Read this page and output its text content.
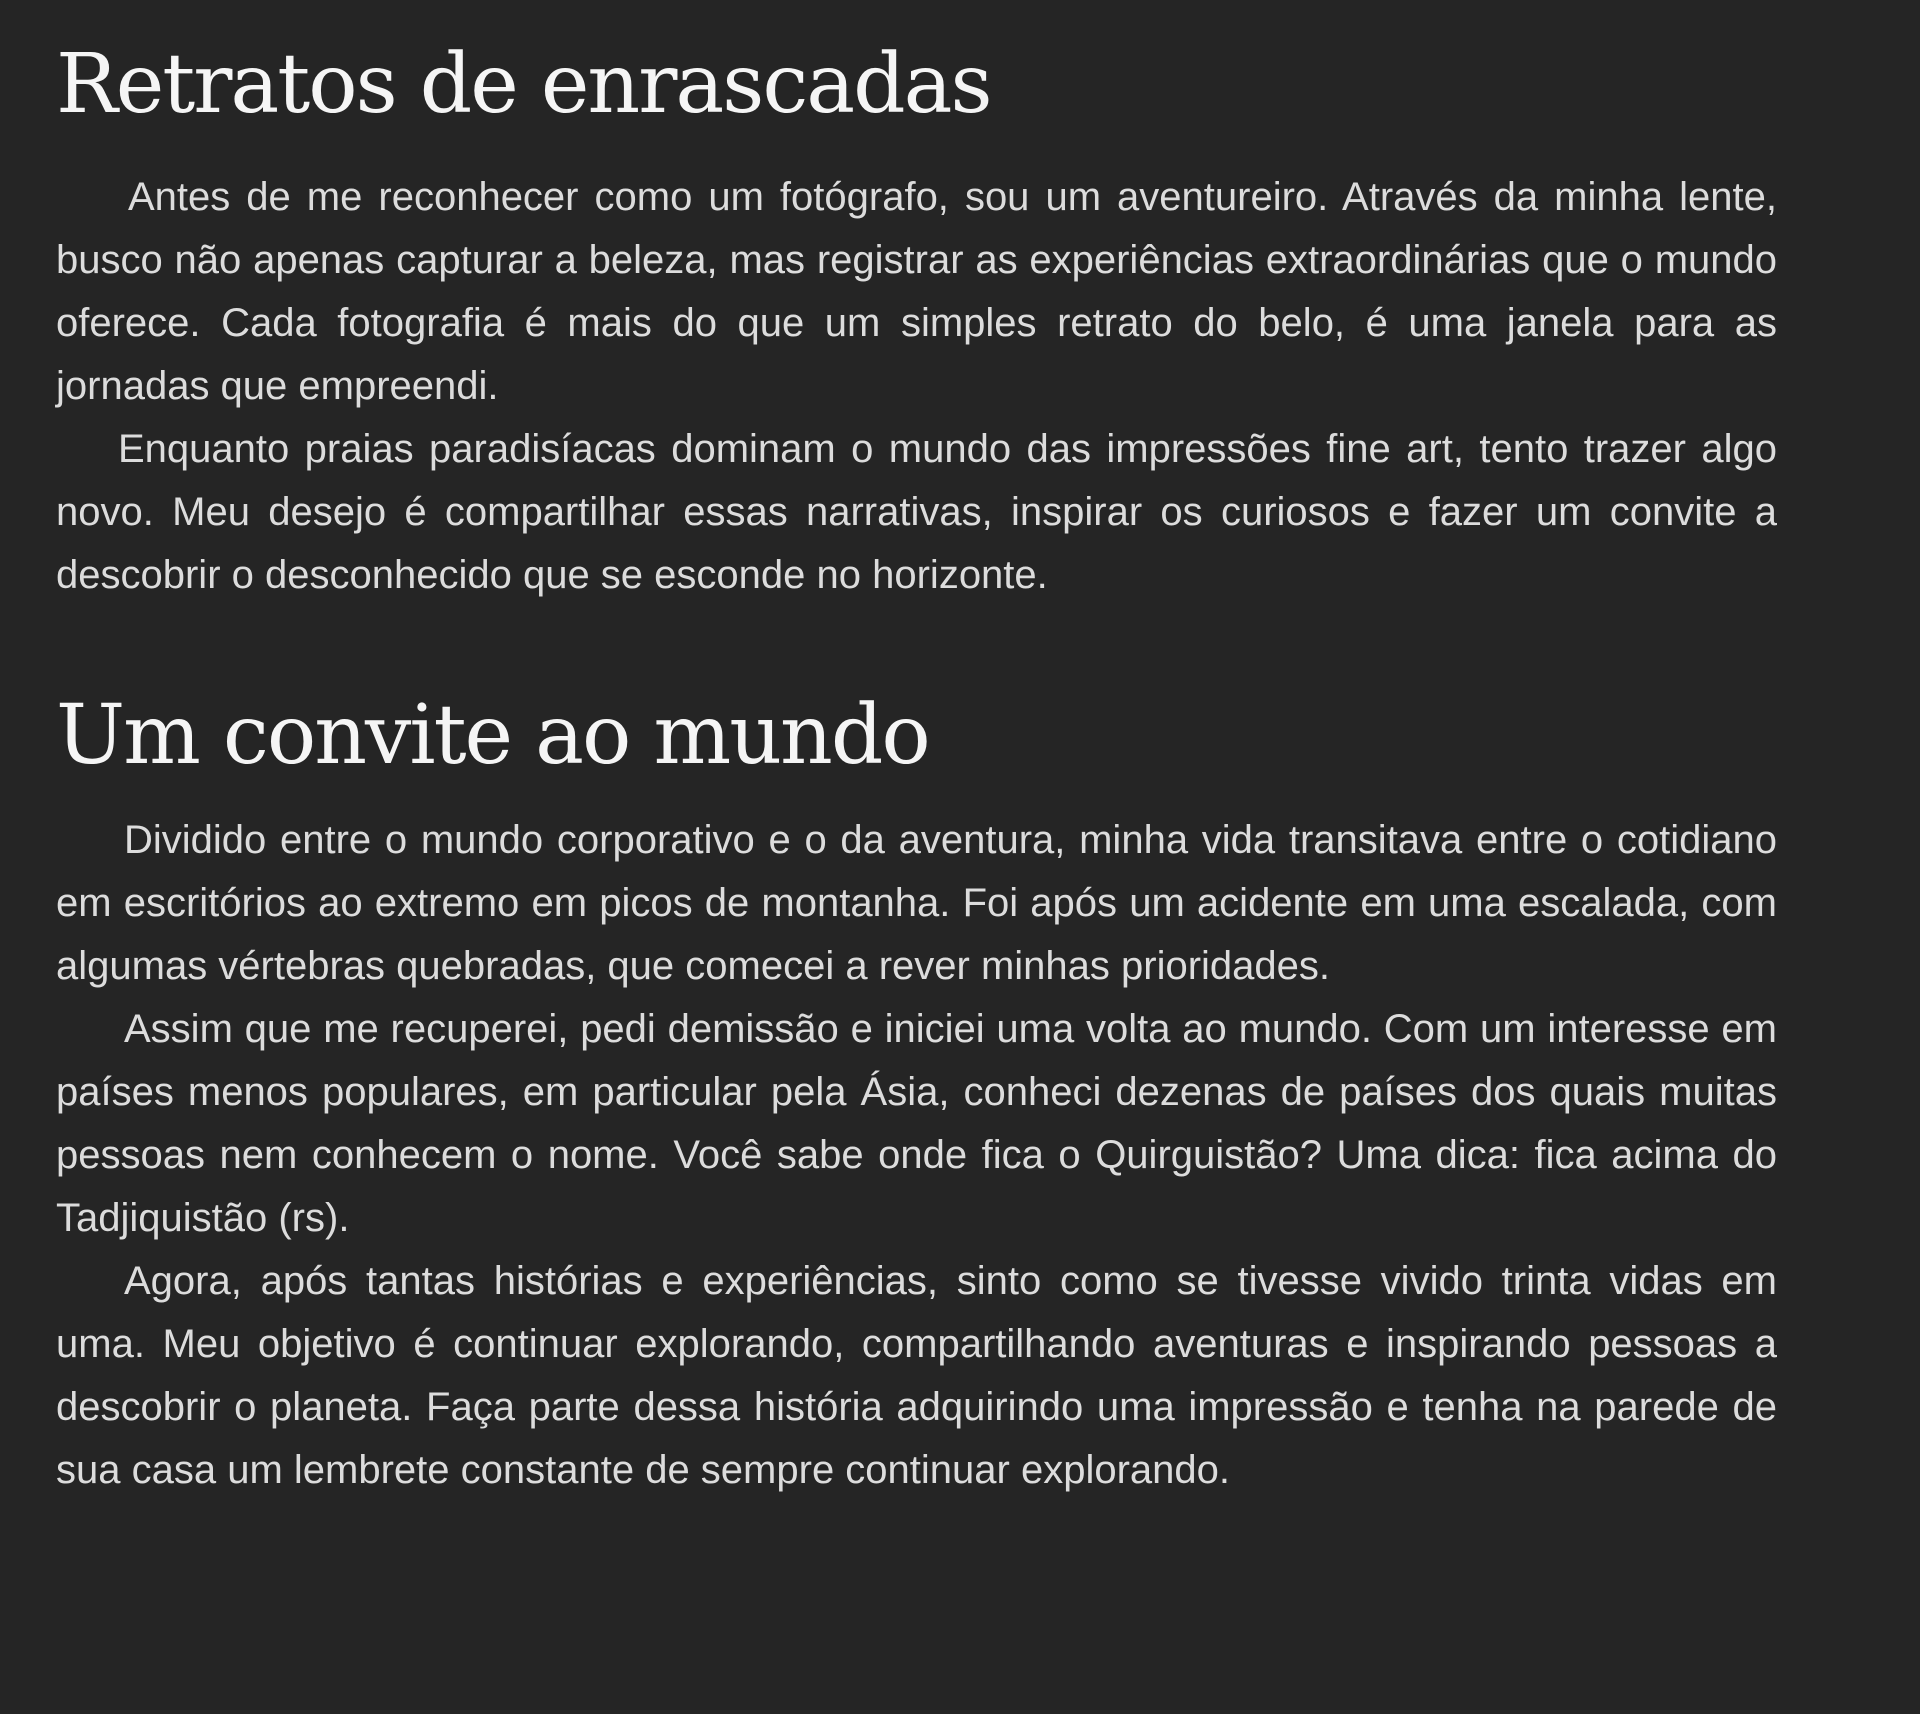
Retratos de enrascadas

Antes de me reconhecer como um fotógrafo, sou um aventureiro. Através da minha lente, busco não apenas capturar a beleza, mas registrar as experiências extraordinárias que o mundo oferece. Cada fotografia é mais do que um simples retrato do belo, é uma janela para as jornadas que empreendi.

Enquanto praias paradisíacas dominam o mundo das impressões fine art, tento trazer algo novo. Meu desejo é compartilhar essas narrativas, inspirar os curiosos e fazer um convite a descobrir o desconhecido que se esconde no horizonte.

Um convite ao mundo

Dividido entre o mundo corporativo e o da aventura, minha vida transitava entre o cotidiano em escritórios ao extremo em picos de montanha. Foi após um acidente em uma escalada, com algumas vértebras quebradas, que comecei a rever minhas prioridades.

Assim que me recuperei, pedi demissão e iniciei uma volta ao mundo. Com um interesse em países menos populares, em particular pela Ásia, conheci dezenas de países dos quais muitas pessoas nem conhecem o nome. Você sabe onde fica o Quirguistão? Uma dica: fica acima do Tadjiquistão (rs).

Agora, após tantas histórias e experiências, sinto como se tivesse vivido trinta vidas em uma. Meu objetivo é continuar explorando, compartilhando aventuras e inspirando pessoas a descobrir o planeta. Faça parte dessa história adquirindo uma impressão e tenha na parede de sua casa um lembrete constante de sempre continuar explorando.
